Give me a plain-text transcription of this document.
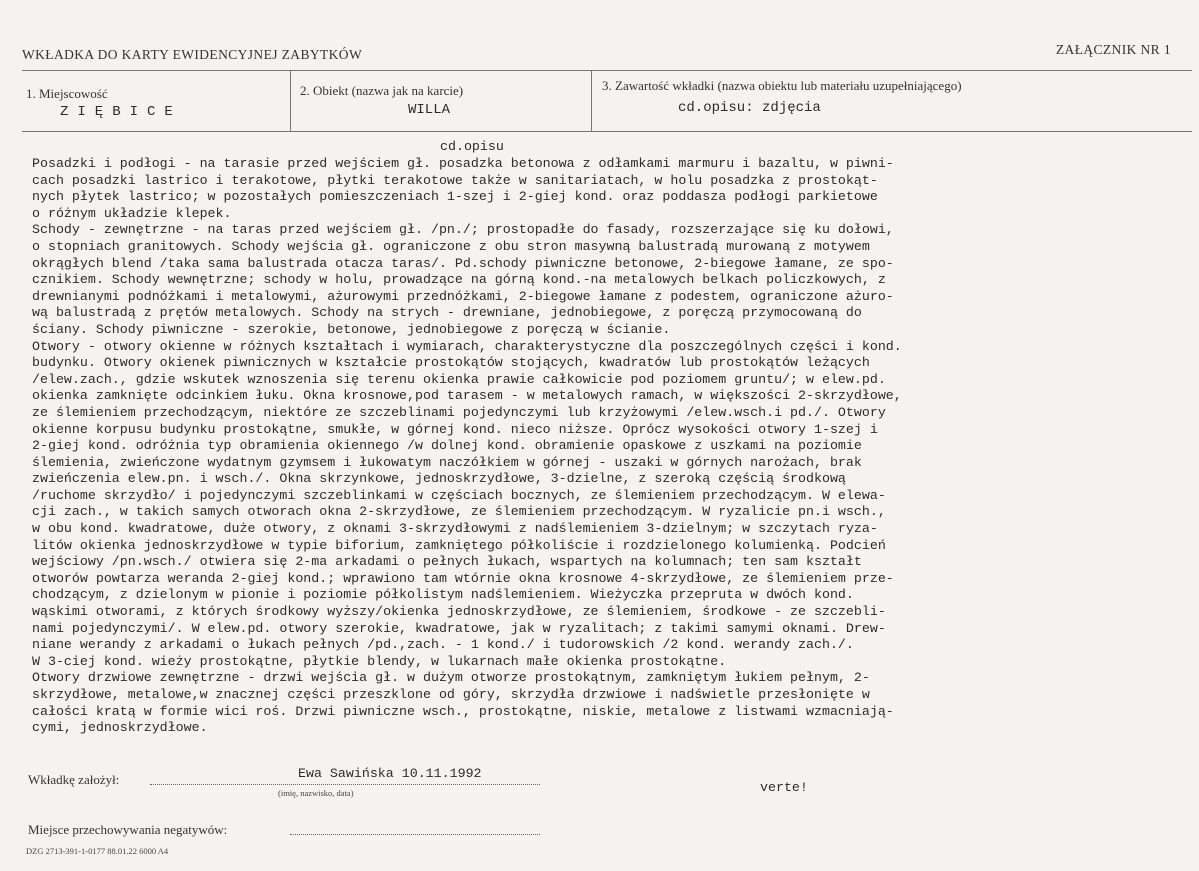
WKŁADKA DO KARTY EWIDENCYJNEJ ZABYTKÓW	ZAŁĄCZNIK NR 1
1. Miejscowość
ZIĘBICE
2. Obiekt (nazwa jak na karcie)
WILLA
3. Zawartość wkładki (nazwa obiektu lub materiału uzupełniającego)
cd.opisu: zdjęcia
cd.opisu
Posadzki i podłogi - na tarasie przed wejściem gł. posadzka betonowa z odłamkami marmuru i bazaltu, w piwni-
cach posadzki lastrico i terakotowe, płytki terakotowe także w sanitariatach, w holu posadzka z prostokąt-
nych płytek lastrico; w pozostałych pomieszczeniach 1-szej i 2-giej kond. oraz poddasza podłogi parkietowe
o różnym układzie klepek.
Schody - zewnętrzne - na taras przed wejściem gł. /pn./; prostopadłe do fasady, rozszerzające się ku dołowi,
o stopniach granitowych. Schody wejścia gł. ograniczone z obu stron masywną balustradą murowaną z motywem
okrągłych blend /taka sama balustrada otacza taras/. Pd.schody piwniczne betonowe, 2-biegowe łamane, ze spo-
cznikiem. Schody wewnętrzne; schody w holu, prowadzące na górną kond.-na metalowych belkach policzkowych, z
drewnianymi podnóżkami i metalowymi, ażurowymi przednóżkami, 2-biegowe łamane z podestem, ograniczone ażuro-
wą balustradą z prętów metalowych. Schody na strych - drewniane, jednobiegowe, z poręczą przymocowaną do
ściany. Schody piwniczne - szerokie, betonowe, jednobiegowe z poręczą w ścianie.
Otwory - otwory okienne w różnych kształtach i wymiarach, charakterystyczne dla poszczególnych części i kond.
budynku. Otwory okienek piwnicznych w kształcie prostokątów stojących, kwadratów lub prostokątów leżących
/elew.zach., gdzie wskutek wznoszenia się terenu okienka prawie całkowicie pod poziomem gruntu/; w elew.pd.
okienka zamknięte odcinkiem łuku. Okna krosnowe,pod tarasem - w metalowych ramach, w większości 2-skrzydłowe,
ze ślemieniem przechodzącym, niektóre ze szczeblinami pojedynczymi lub krzyżowymi /elew.wsch.i pd./. Otwory
okienne korpusu budynku prostokątne, smukłe, w górnej kond. nieco niższe. Oprócz wysokości otwory 1-szej i
2-giej kond. odróżnia typ obramienia okiennego /w dolnej kond. obramienie opaskowe z uszkami na poziomie
ślemienia, zwieńczone wydatnym gzymsem i łukowatym naczółkiem w górnej - uszaki w górnych narożach, brak
zwieńczenia elew.pn. i wsch./. Okna skrzynkowe, jednoskrzydłowe, 3-dzielne, z szeroką częścią środkową
/ruchome skrzydło/ i pojedynczymi szczeblinkami w częściach bocznych, ze ślemieniem przechodzącym. W elewa-
cji zach., w takich samych otworach okna 2-skrzydłowe, ze ślemieniem przechodzącym. W ryzalicie pn.i wsch.,
w obu kond. kwadratowe, duże otwory, z oknami 3-skrzydłowymi z nadślemieniem 3-dzielnym; w szczytach ryza-
litów okienka jednoskrzydłowe w typie biforium, zamkniętego półkoliście i rozdzielonego kolumienką. Podcień
wejściowy /pn.wsch./ otwiera się 2-ma arkadami o pełnych łukach, wspartych na kolumnach; ten sam kształt
otworów powtarza weranda 2-giej kond.; wprawiono tam wtórnie okna krosnowe 4-skrzydłowe, ze ślemieniem prze-
chodzącym, z dzielonym w pionie i poziomie półkolistym nadślemieniem. Wieżyczka przepruta w dwóch kond.
wąskimi otworami, z których środkowy wyższy/okienka jednoskrzydłowe, ze ślemieniem, środkowe - ze szczebli-
nami pojedynczymi/. W elew.pd. otwory szerokie, kwadratowe, jak w ryzalitach; z takimi samymi oknami. Drew-
niane werandy z arkadami o łukach pełnych /pd.,zach. - 1 kond./ i tudorowskich /2 kond. werandy zach./.
W 3-ciej kond. wieży prostokątne, płytkie blendy, w lukarnach małe okienka prostokątne.
Otwory drzwiowe zewnętrzne - drzwi wejścia gł. w dużym otworze prostokątnym, zamkniętym łukiem pełnym, 2-
skrzydłowe, metalowe,w znacznej części przeszklone od góry, skrzydła drzwiowe i nadświetle przesłonięte w
całości kratą w formie wici roś. Drzwi piwniczne wsch., prostokątne, niskie, metalowe z listwami wzmacniają-
cymi, jednoskrzydłowe.
Wkładkę założył:	Ewa Sawińska 10.11.1992
(imię, nazwisko, data)	verte!
Miejsce przechowywania negatywów:
DZG 2713-391-1-0177 88.01.22 6000 A4
